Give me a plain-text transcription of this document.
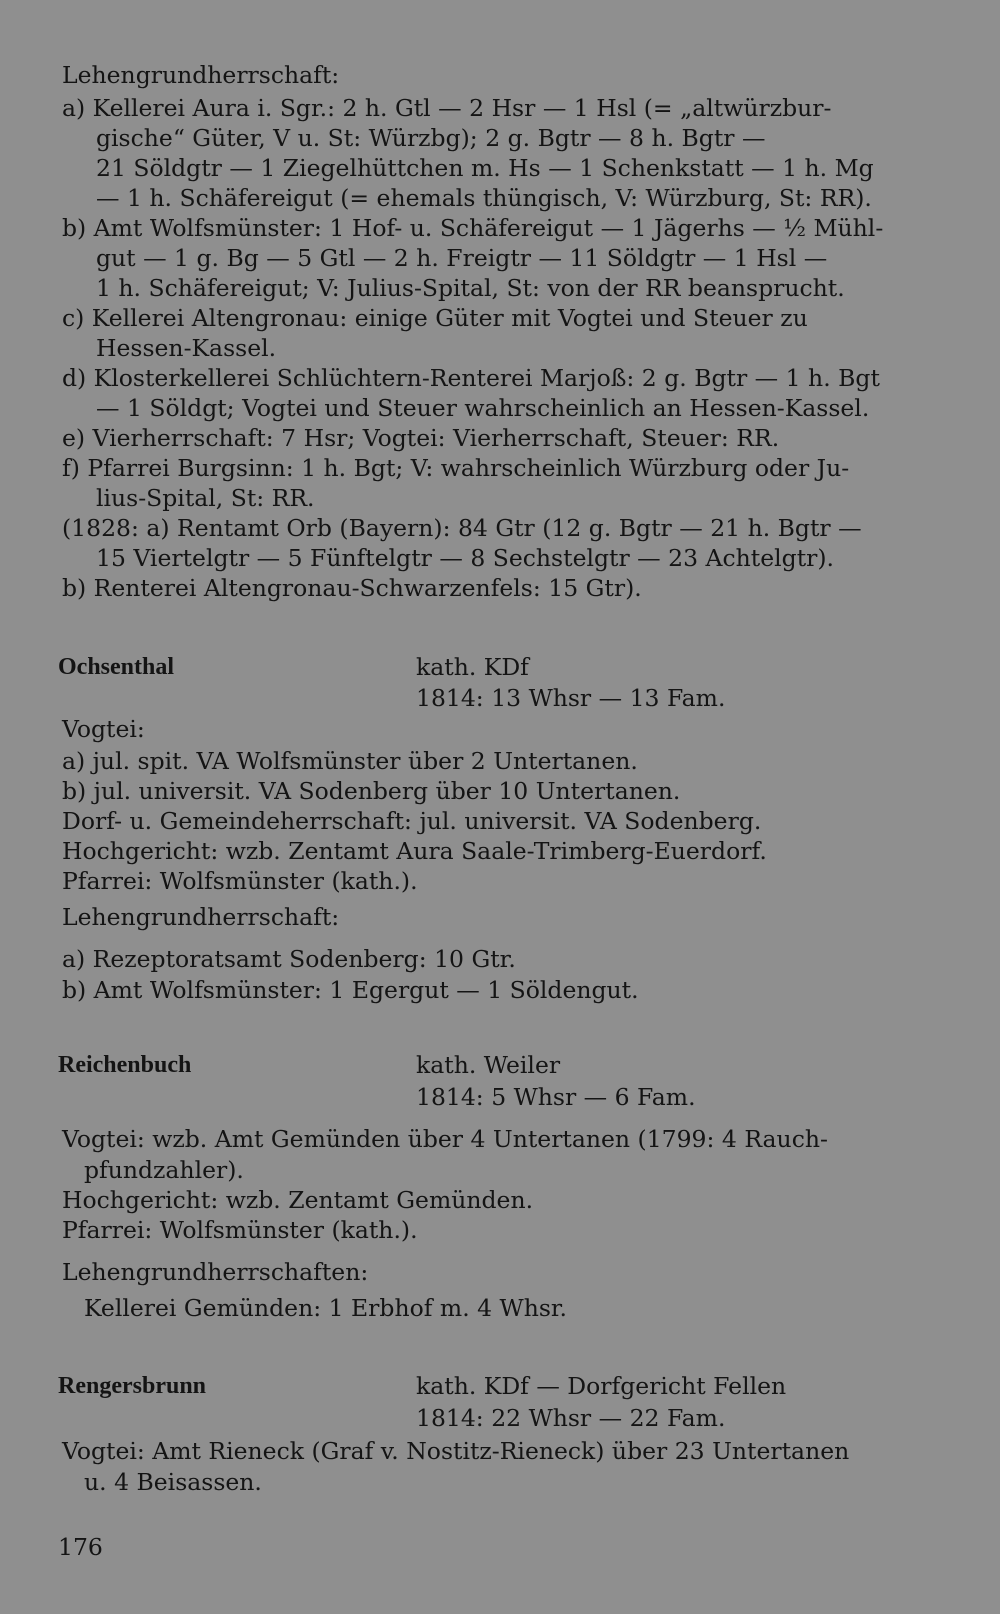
Lehengrundherrschaft:
a) Kellerei Aura i. Sgr.: 2 h. Gtl — 2 Hsr — 1 Hsl (= „altwürzbur-
gische“ Güter, V u. St: Würzbg); 2 g. Bgtr — 8 h. Bgtr —
21 Söldgtr — 1 Ziegelhüttchen m. Hs — 1 Schenkstatt — 1 h. Mg
— 1 h. Schäfereigut (= ehemals thüngisch, V: Würzburg, St: RR).
b) Amt Wolfsmünster: 1 Hof- u. Schäfereigut — 1 Jägerhs — ½ Mühl-
gut — 1 g. Bg — 5 Gtl — 2 h. Freigtr — 11 Söldgtr — 1 Hsl —
1 h. Schäfereigut; V: Julius-Spital, St: von der RR beansprucht.
c) Kellerei Altengronau: einige Güter mit Vogtei und Steuer zu
Hessen-Kassel.
d) Klosterkellerei Schlüchtern-Renterei Marjoß: 2 g. Bgtr — 1 h. Bgt
— 1 Söldgt; Vogtei und Steuer wahrscheinlich an Hessen-Kassel.
e) Vierherrschaft: 7 Hsr; Vogtei: Vierherrschaft, Steuer: RR.
f) Pfarrei Burgsinn: 1 h. Bgt; V: wahrscheinlich Würzburg oder Ju-
lius-Spital, St: RR.
(1828: a) Rentamt Orb (Bayern): 84 Gtr (12 g. Bgtr — 21 h. Bgtr —
15 Viertelgtr — 5 Fünftelgtr — 8 Sechstelgtr — 23 Achtelgtr).
b) Renterei Altengronau-Schwarzenfels: 15 Gtr).
Ochsenthal	kath. KDf
1814: 13 Whsr — 13 Fam.
Vogtei:
a) jul. spit. VA Wolfsmünster über 2 Untertanen.
b) jul. universit. VA Sodenberg über 10 Untertanen.
Dorf- u. Gemeindeherrschaft: jul. universit. VA Sodenberg.
Hochgericht: wzb. Zentamt Aura Saale-Trimberg-Euerdorf.
Pfarrei: Wolfsmünster (kath.).
Lehengrundherrschaft:
a) Rezeptoratsamt Sodenberg: 10 Gtr.
b) Amt Wolfsmünster: 1 Egergut — 1 Söldengut.
Reichenbuch	kath. Weiler
1814: 5 Whsr — 6 Fam.
Vogtei: wzb. Amt Gemünden über 4 Untertanen (1799: 4 Rauch-
pfundzahler).
Hochgericht: wzb. Zentamt Gemünden.
Pfarrei: Wolfsmünster (kath.).
Lehengrundherrschaften:
Kellerei Gemünden: 1 Erbhof m. 4 Whsr.
Rengersbrunn	kath. KDf — Dorfgericht Fellen
1814: 22 Whsr — 22 Fam.
Vogtei: Amt Rieneck (Graf v. Nostitz-Rieneck) über 23 Untertanen
u. 4 Beisassen.
176
